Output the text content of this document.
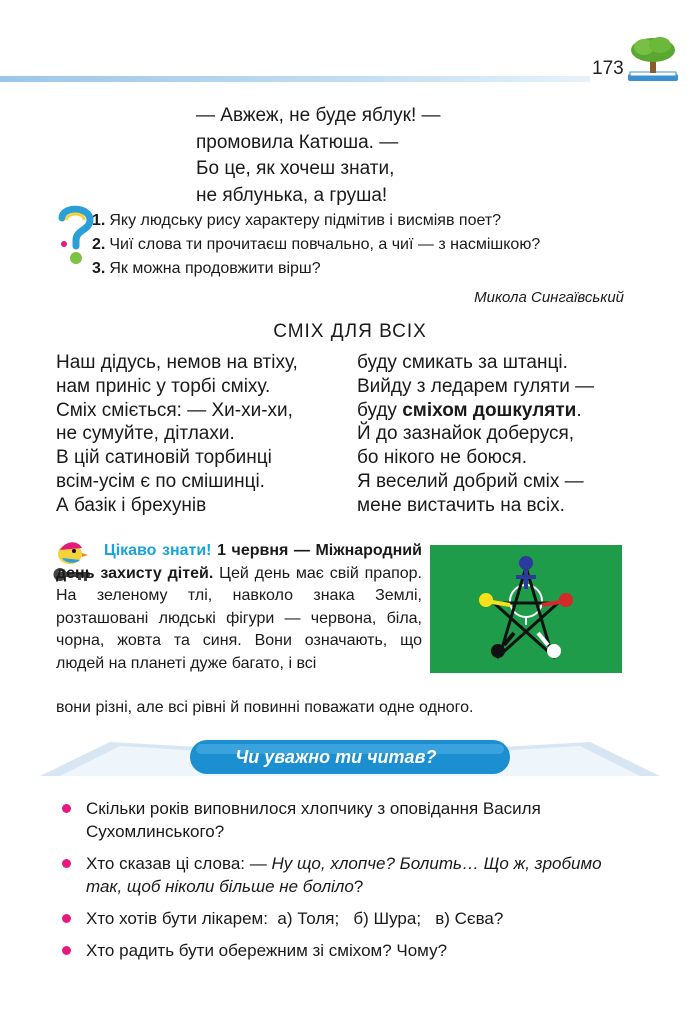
173
— Авжеж, не буде яблук! —
промовила Катюша. —
Бо це, як хочеш знати,
не яблунька, а груша!
1. Яку людську рису характеру підмітив і висміяв поет?
2. Чиї слова ти прочитаєш повчально, а чиї — з насмішкою?
3. Як можна продовжити вірш?
Микола Сингаївський
СМІХ ДЛЯ ВСІХ
Наш дідусь, немов на втіху,
нам приніс у торбі сміху.
Сміх сміється: — Хи-хи-хи,
не сумуйте, дітлахи.
В цій сатиновій торбинці
всім-усім є по смішинці.
А базік і брехунів
буду смикать за штанці.
Вийду з ледарем гуляти —
буду сміхом дошкуляти.
Й до зазнайок доберуся,
бо нікого не боюся.
Я веселий добрий сміх —
мене вистачить на всіх.
Цікаво знати! 1 червня — Міжнародний день захисту дітей. Цей день має свій прапор. На зеленому тлі, навколо знака Землі, розташовані людські фігури — червона, біла, чорна, жовта та синя. Вони означають, що людей на планеті дуже багато, і всі
вони різні, але всі рівні й повинні поважати одне одного.
Чи уважно ти читав?
Скільки років виповнилося хлопчику з оповідання Василя Сухомлинського?
Хто сказав ці слова: — Ну що, хлопче? Болить… Що ж, зробимо так, щоб ніколи більше не боліло?
Хто хотів бути лікарем:  а) Толя;   б) Шура;   в) Сєва?
Хто радить бути обережним зі сміхом? Чому?
